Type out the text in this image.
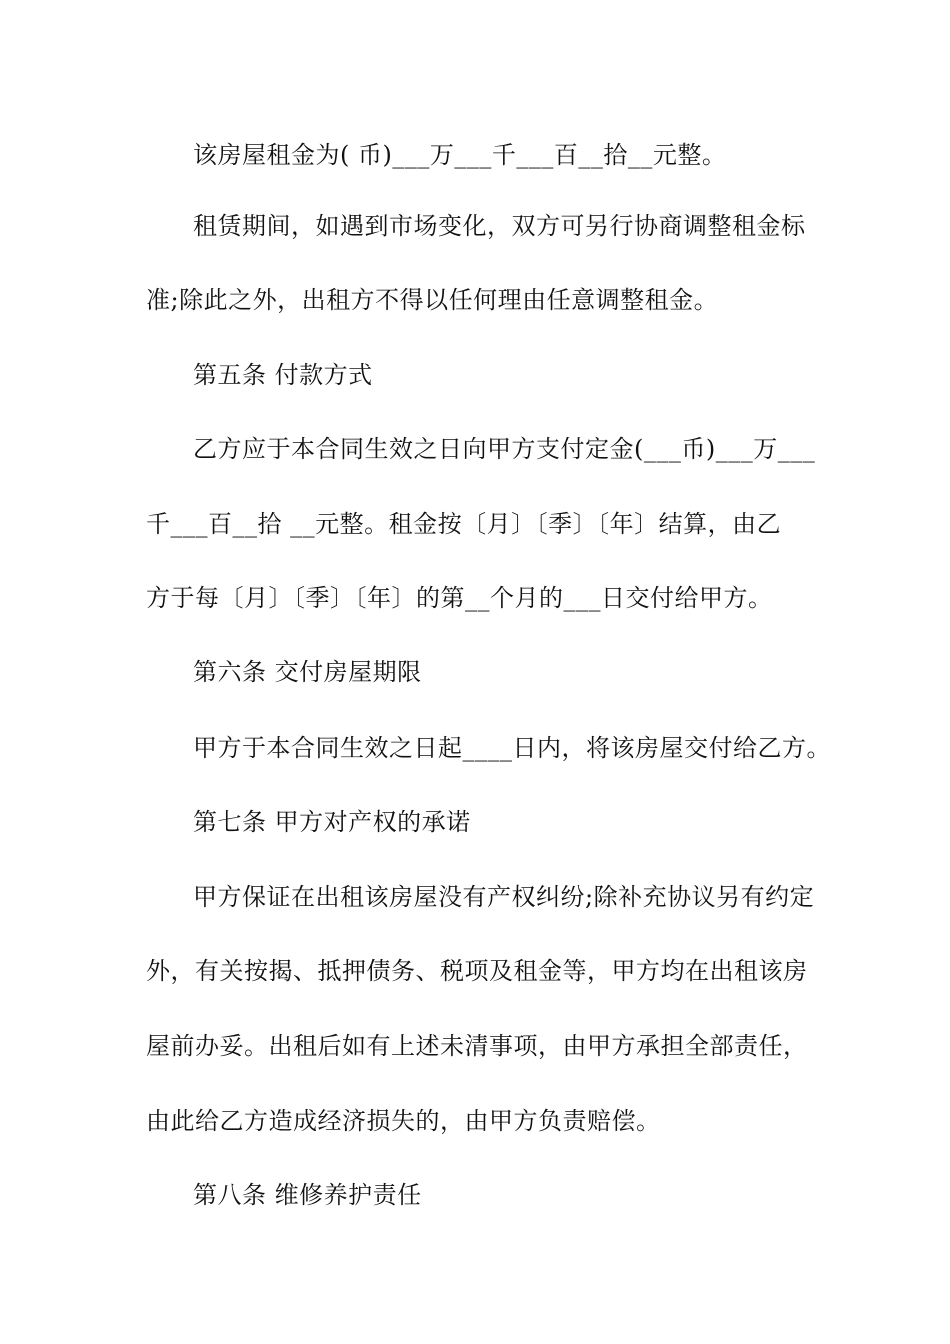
该房屋租金为( 币)___万___千___百__拾__元整。
租赁期间，如遇到市场变化，双方可另行协商调整租金标
准;除此之外，出租方不得以任何理由任意调整租金。
第五条 付款方式
乙方应于本合同生效之日向甲方支付定金(___币)___万___
千___百__拾 __元整。租金按〔月〕〔季〕〔年〕结算，由乙
方于每〔月〕〔季〕〔年〕的第__个月的___日交付给甲方。
第六条 交付房屋期限
甲方于本合同生效之日起____日内，将该房屋交付给乙方。
第七条 甲方对产权的承诺
甲方保证在出租该房屋没有产权纠纷;除补充协议另有约定
外，有关按揭、抵押债务、税项及租金等，甲方均在出租该房
屋前办妥。出租后如有上述未清事项，由甲方承担全部责任，
由此给乙方造成经济损失的，由甲方负责赔偿。
第八条 维修养护责任
